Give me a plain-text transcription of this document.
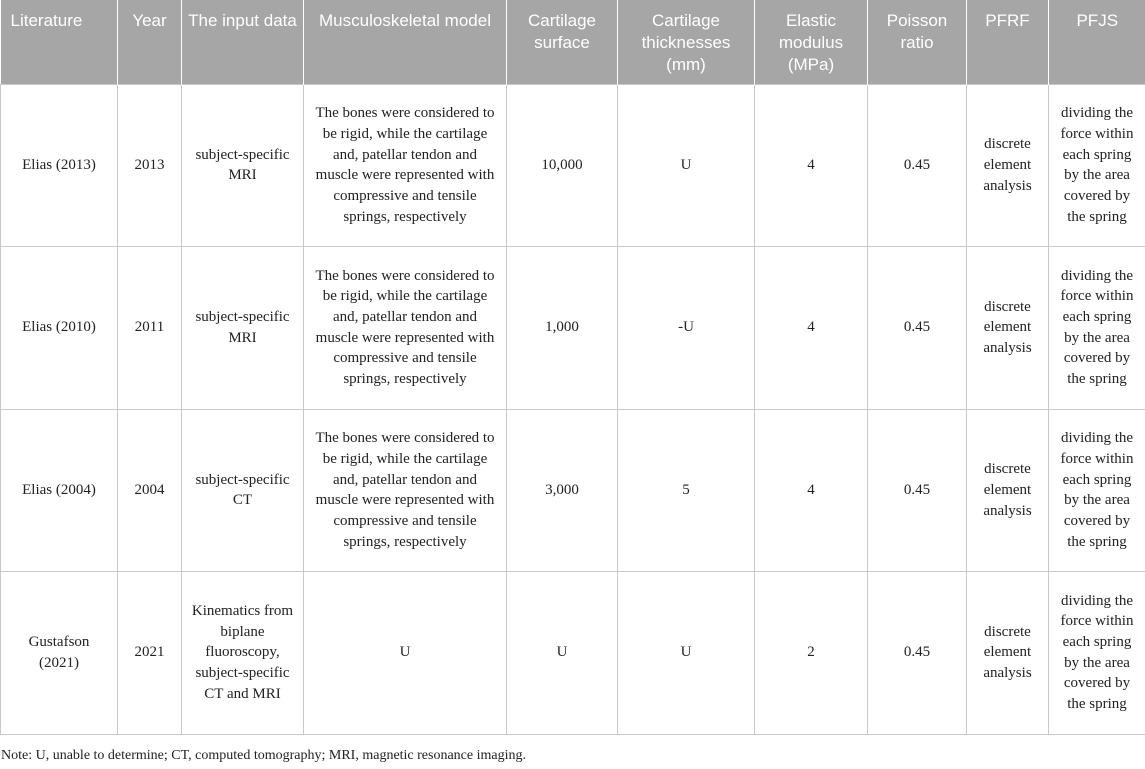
Literature	Year	The input data	Musculoskeletal model	Cartilage surface	Cartilage thicknesses (mm)	Elastic modulus (MPa)	Poisson ratio	PFRF	PFJS
Elias (2013)	2013	subject-specific MRI	The bones were considered to be rigid, while the cartilage and, patellar tendon and muscle were represented with compressive and tensile springs, respectively	10,000	U	4	0.45	discrete element analysis	dividing the force within each spring by the area covered by the spring
Elias (2010)	2011	subject-specific MRI	The bones were considered to be rigid, while the cartilage and, patellar tendon and muscle were represented with compressive and tensile springs, respectively	1,000	-U	4	0.45	discrete element analysis	dividing the force within each spring by the area covered by the spring
Elias (2004)	2004	subject-specific CT	The bones were considered to be rigid, while the cartilage and, patellar tendon and muscle were represented with compressive and tensile springs, respectively	3,000	5	4	0.45	discrete element analysis	dividing the force within each spring by the area covered by the spring
Gustafson (2021)	2021	Kinematics from biplane fluoroscopy, subject-specific CT and MRI	U	U	U	2	0.45	discrete element analysis	dividing the force within each spring by the area covered by the spring
Note: U, unable to determine; CT, computed tomography; MRI, magnetic resonance imaging.
